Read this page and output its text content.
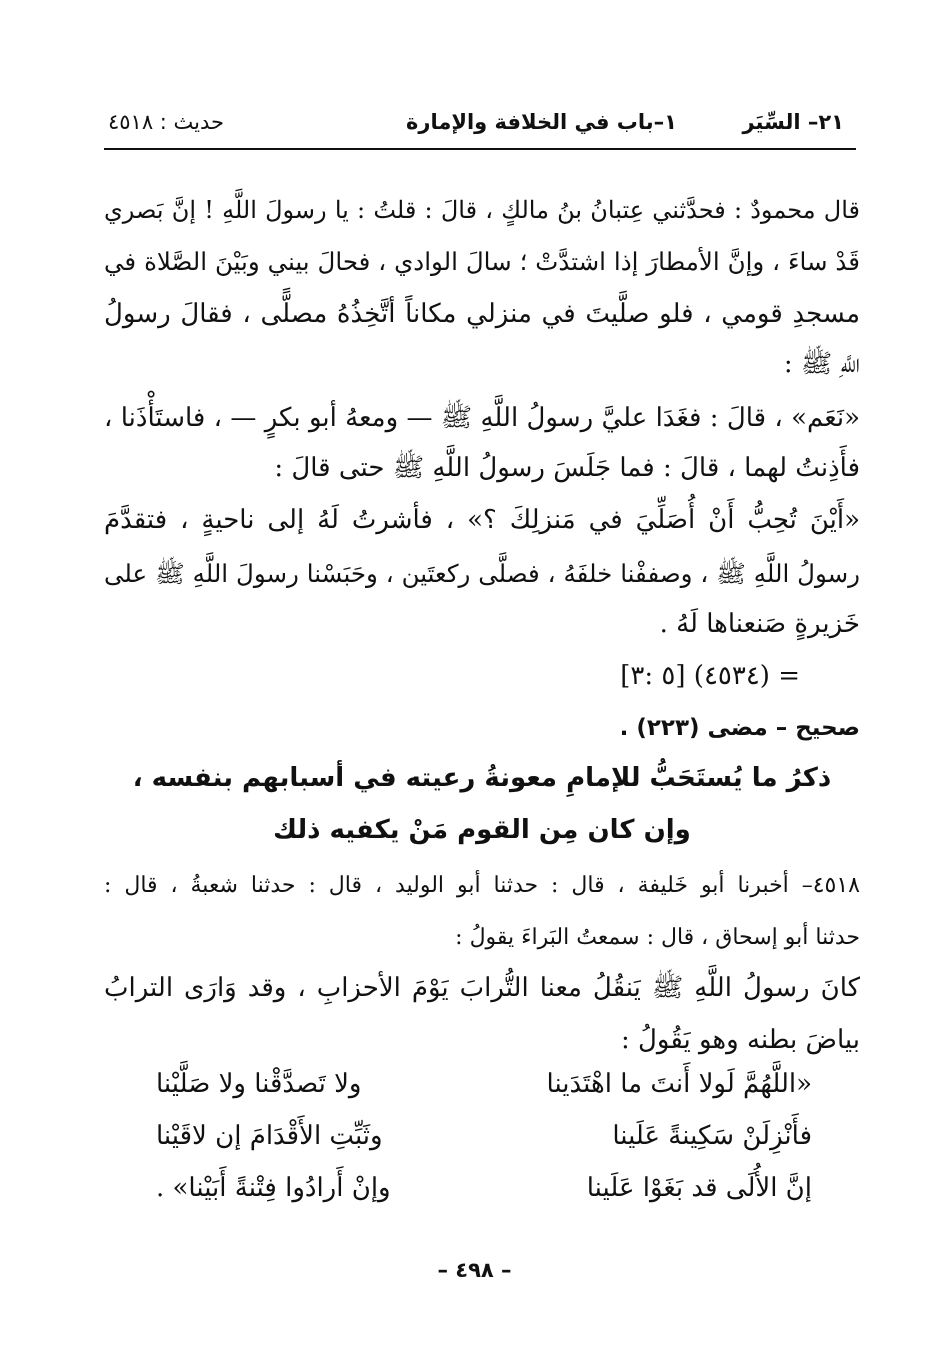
٢١– السِّيَر
١–باب في الخلافة والإمارة
حديث : ٤٥١٨
قال محمودٌ : فحدَّثني عِتبانُ بنُ مالكٍ ، قالَ : قلتُ : يا رسولَ اللَّهِ ! إنَّ بَصري
قَدْ ساءَ ، وإنَّ الأمطارَ إذا اشتدَّتْ ؛ سالَ الوادي ، فحالَ بيني وبَيْنَ الصَّلاة في
مسجدِ قومي ، فلو صلَّيتَ في منزلي مكاناً أتَّخِذُهُ مصلًّى ، فقالَ رسولُ
اللَّهِ ﷺ :
«نَعَم» ، قالَ : فغَدَا عليَّ رسولُ اللَّهِ ﷺ — ومعهُ أبو بكرٍ — ، فاستَأْذَنا ،
فأَذِنتُ لهما ، قالَ : فما جَلَسَ رسولُ اللَّهِ ﷺ حتى قالَ :
«أَيْنَ تُحِبُّ أَنْ أُصَلِّيَ في مَنزلِكَ ؟» ، فأشرتُ لَهُ إلى ناحيةٍ ، فتقدَّمَ
رسولُ اللَّهِ ﷺ ، وصففْنا خلفَهُ ، فصلَّى ركعتَين ، وحَبَسْنا رسولَ اللَّهِ ﷺ على
خَزيرةٍ صَنعناها لَهُ .
= (٤٥٣٤) [٥ :٣]
صحيح – مضى (٢٢٣) .
ذكرُ ما يُستَحَبُّ للإمامِ معونةُ رعيته في أسبابهم بنفسه ،
وإن كان مِن القوم مَنْ يكفيه ذلك
٤٥١٨– أخبرنا أبو خَليفة ، قال : حدثنا أبو الوليد ، قال : حدثنا شعبةُ ، قال :
حدثنا أبو إسحاق ، قال : سمعتُ البَراءَ يقولُ :
كانَ رسولُ اللَّهِ ﷺ يَنقُلُ معنا التُّرابَ يَوْمَ الأحزابِ ، وقد وَارَى الترابُ
بياضَ بطنه وهو يَقُولُ :
«اللَّهُمَّ لَولا أَنتَ ما اهْتَدَينا
ولا تَصدَّقْنا ولا صَلَّيْنا
فأَنْزِلَنْ سَكِينةً عَلَينا
وثَبِّتِ الأَقْدَامَ إن لاقَيْنا
إنَّ الأُلَى قد بَغَوْا عَلَينا
وإنْ أَرادُوا فِتْنةً أَبَيْنا» .
– ٤٩٨ –
